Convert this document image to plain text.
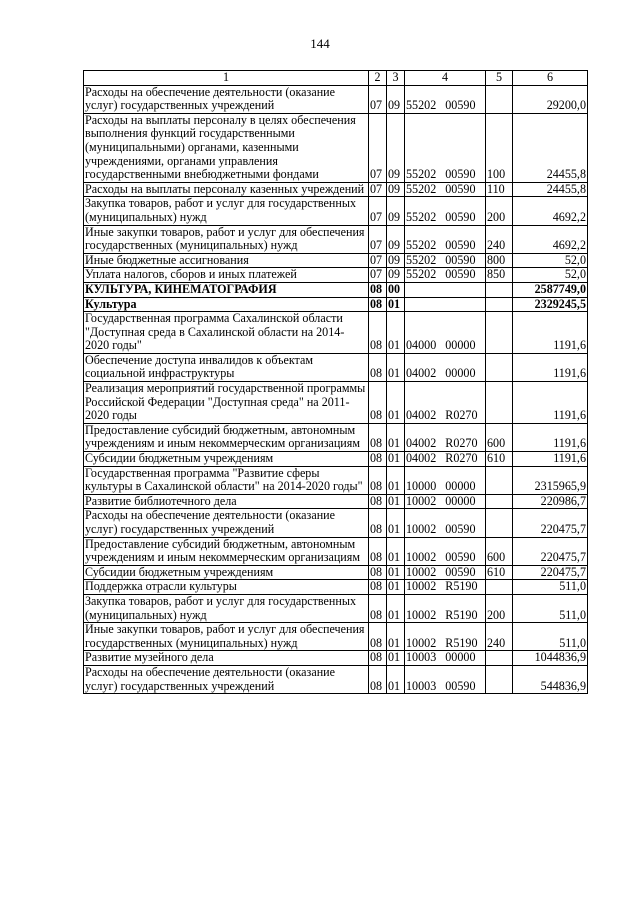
144
1	2	3	4	5	6
Расходы на обеспечение деятельности (оказание услуг) государственных учреждений	07	09	55202 00590		29200,0
Расходы на выплаты персоналу в целях обеспечения выполнения функций государственными (муниципальными) органами, казенными учреждениями, органами управления государственными внебюджетными фондами	07	09	55202 00590	100	24455,8
Расходы на выплаты персоналу казенных учреждений	07	09	55202 00590	110	24455,8
Закупка товаров, работ и услуг для государственных (муниципальных) нужд	07	09	55202 00590	200	4692,2
Иные закупки товаров, работ и услуг для обеспечения государственных (муниципальных) нужд	07	09	55202 00590	240	4692,2
Иные бюджетные ассигнования	07	09	55202 00590	800	52,0
Уплата налогов, сборов и иных платежей	07	09	55202 00590	850	52,0
КУЛЬТУРА, КИНЕМАТОГРАФИЯ	08	00			2587749,0
Культура	08	01			2329245,5
Государственная программа Сахалинской области "Доступная среда в Сахалинской области на 2014-2020 годы"	08	01	04000 00000		1191,6
Обеспечение доступа инвалидов к объектам социальной инфраструктуры	08	01	04002 00000		1191,6
Реализация мероприятий государственной программы Российской Федерации "Доступная среда" на 2011-2020 годы	08	01	04002 R0270		1191,6
Предоставление субсидий бюджетным, автономным учреждениям и иным некоммерческим организациям	08	01	04002 R0270	600	1191,6
Субсидии бюджетным учреждениям	08	01	04002 R0270	610	1191,6
Государственная программа "Развитие сферы культуры в Сахалинской области" на 2014-2020 годы"	08	01	10000 00000		2315965,9
Развитие библиотечного дела	08	01	10002 00000		220986,7
Расходы на обеспечение деятельности (оказание услуг) государственных учреждений	08	01	10002 00590		220475,7
Предоставление субсидий бюджетным, автономным учреждениям и иным некоммерческим организациям	08	01	10002 00590	600	220475,7
Субсидии бюджетным учреждениям	08	01	10002 00590	610	220475,7
Поддержка отрасли культуры	08	01	10002 R5190		511,0
Закупка товаров, работ и услуг для государственных (муниципальных) нужд	08	01	10002 R5190	200	511,0
Иные закупки товаров, работ и услуг для обеспечения государственных (муниципальных) нужд	08	01	10002 R5190	240	511,0
Развитие музейного дела	08	01	10003 00000		1044836,9
Расходы на обеспечение деятельности (оказание услуг) государственных учреждений	08	01	10003 00590		544836,9
